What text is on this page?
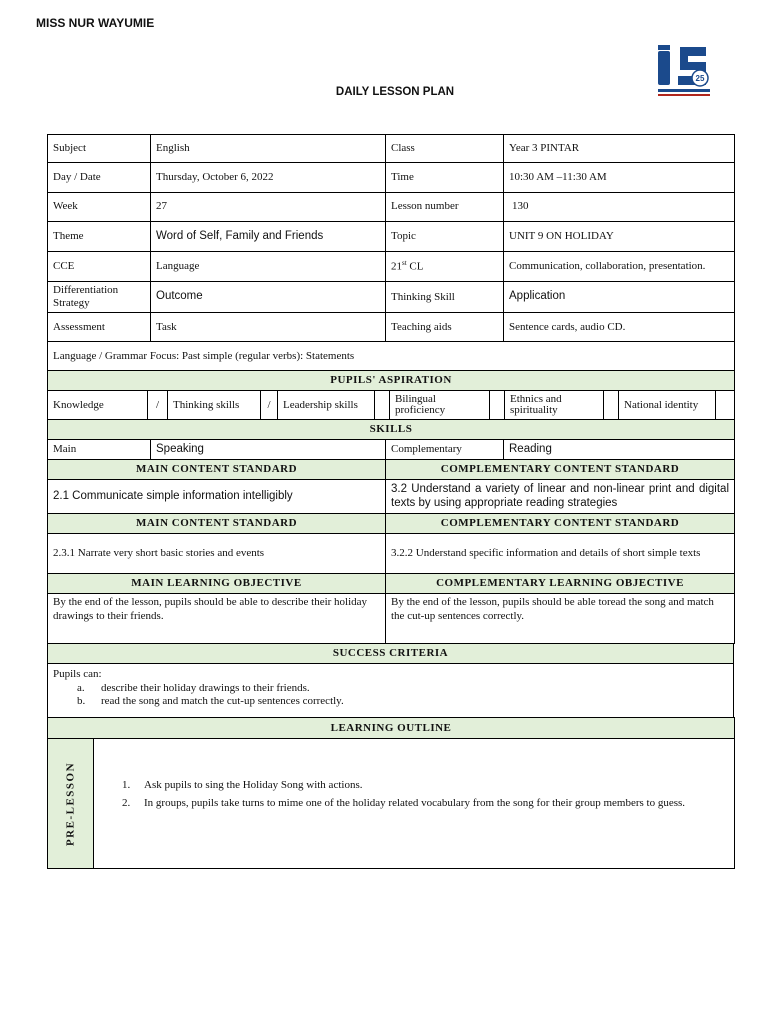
MISS NUR WAYUMIE
25
DAILY LESSON PLAN
Subject	English	Class	Year 3 PINTAR
Day / Date	Thursday, October 6, 2022	Time	10:30 AM –11:30 AM
Week	27	Lesson number	130
Theme	Word of Self, Family and Friends	Topic	UNIT 9 ON HOLIDAY
CCE	Language	21st CL	Communication, collaboration, presentation.
Differentiation Strategy	Outcome	Thinking Skill	Application
Assessment	Task	Teaching aids	Sentence cards, audio CD.
Language / Grammar Focus: Past simple (regular verbs): Statements			
PUPILS' ASPIRATION
Knowledge	/	Thinking skills	/	Leadership skills		Bilingual proficiency		Ethnics and spirituality		National identity	
SKILLS
Main	Speaking	Complementary	Reading
MAIN CONTENT STANDARD	COMPLEMENTARY CONTENT STANDARD
2.1 Communicate simple information intelligibly	3.2 Understand a variety of linear and non-linear print and digital texts by using appropriate reading strategies
MAIN CONTENT STANDARD	COMPLEMENTARY CONTENT STANDARD
2.3.1 Narrate very short basic stories and events	3.2.2 Understand specific information and details of short simple texts
MAIN LEARNING OBJECTIVE	COMPLEMENTARY LEARNING OBJECTIVE
By the end of the lesson, pupils should be able to describe their holiday drawings to their friends.	By the end of the lesson, pupils should be able toread the song and match the cut-up sentences correctly.
SUCCESS CRITERIA

Pupils can:
a. describe their holiday drawings to their friends.
b. read the song and match the cut-up sentences correctly.
LEARNING OUTLINE

PRE-LESSON	1. Ask pupils to sing the Holiday Song with actions.
2. In groups, pupils take turns to mime one of the holiday related vocabulary from the song for their group members to guess.
